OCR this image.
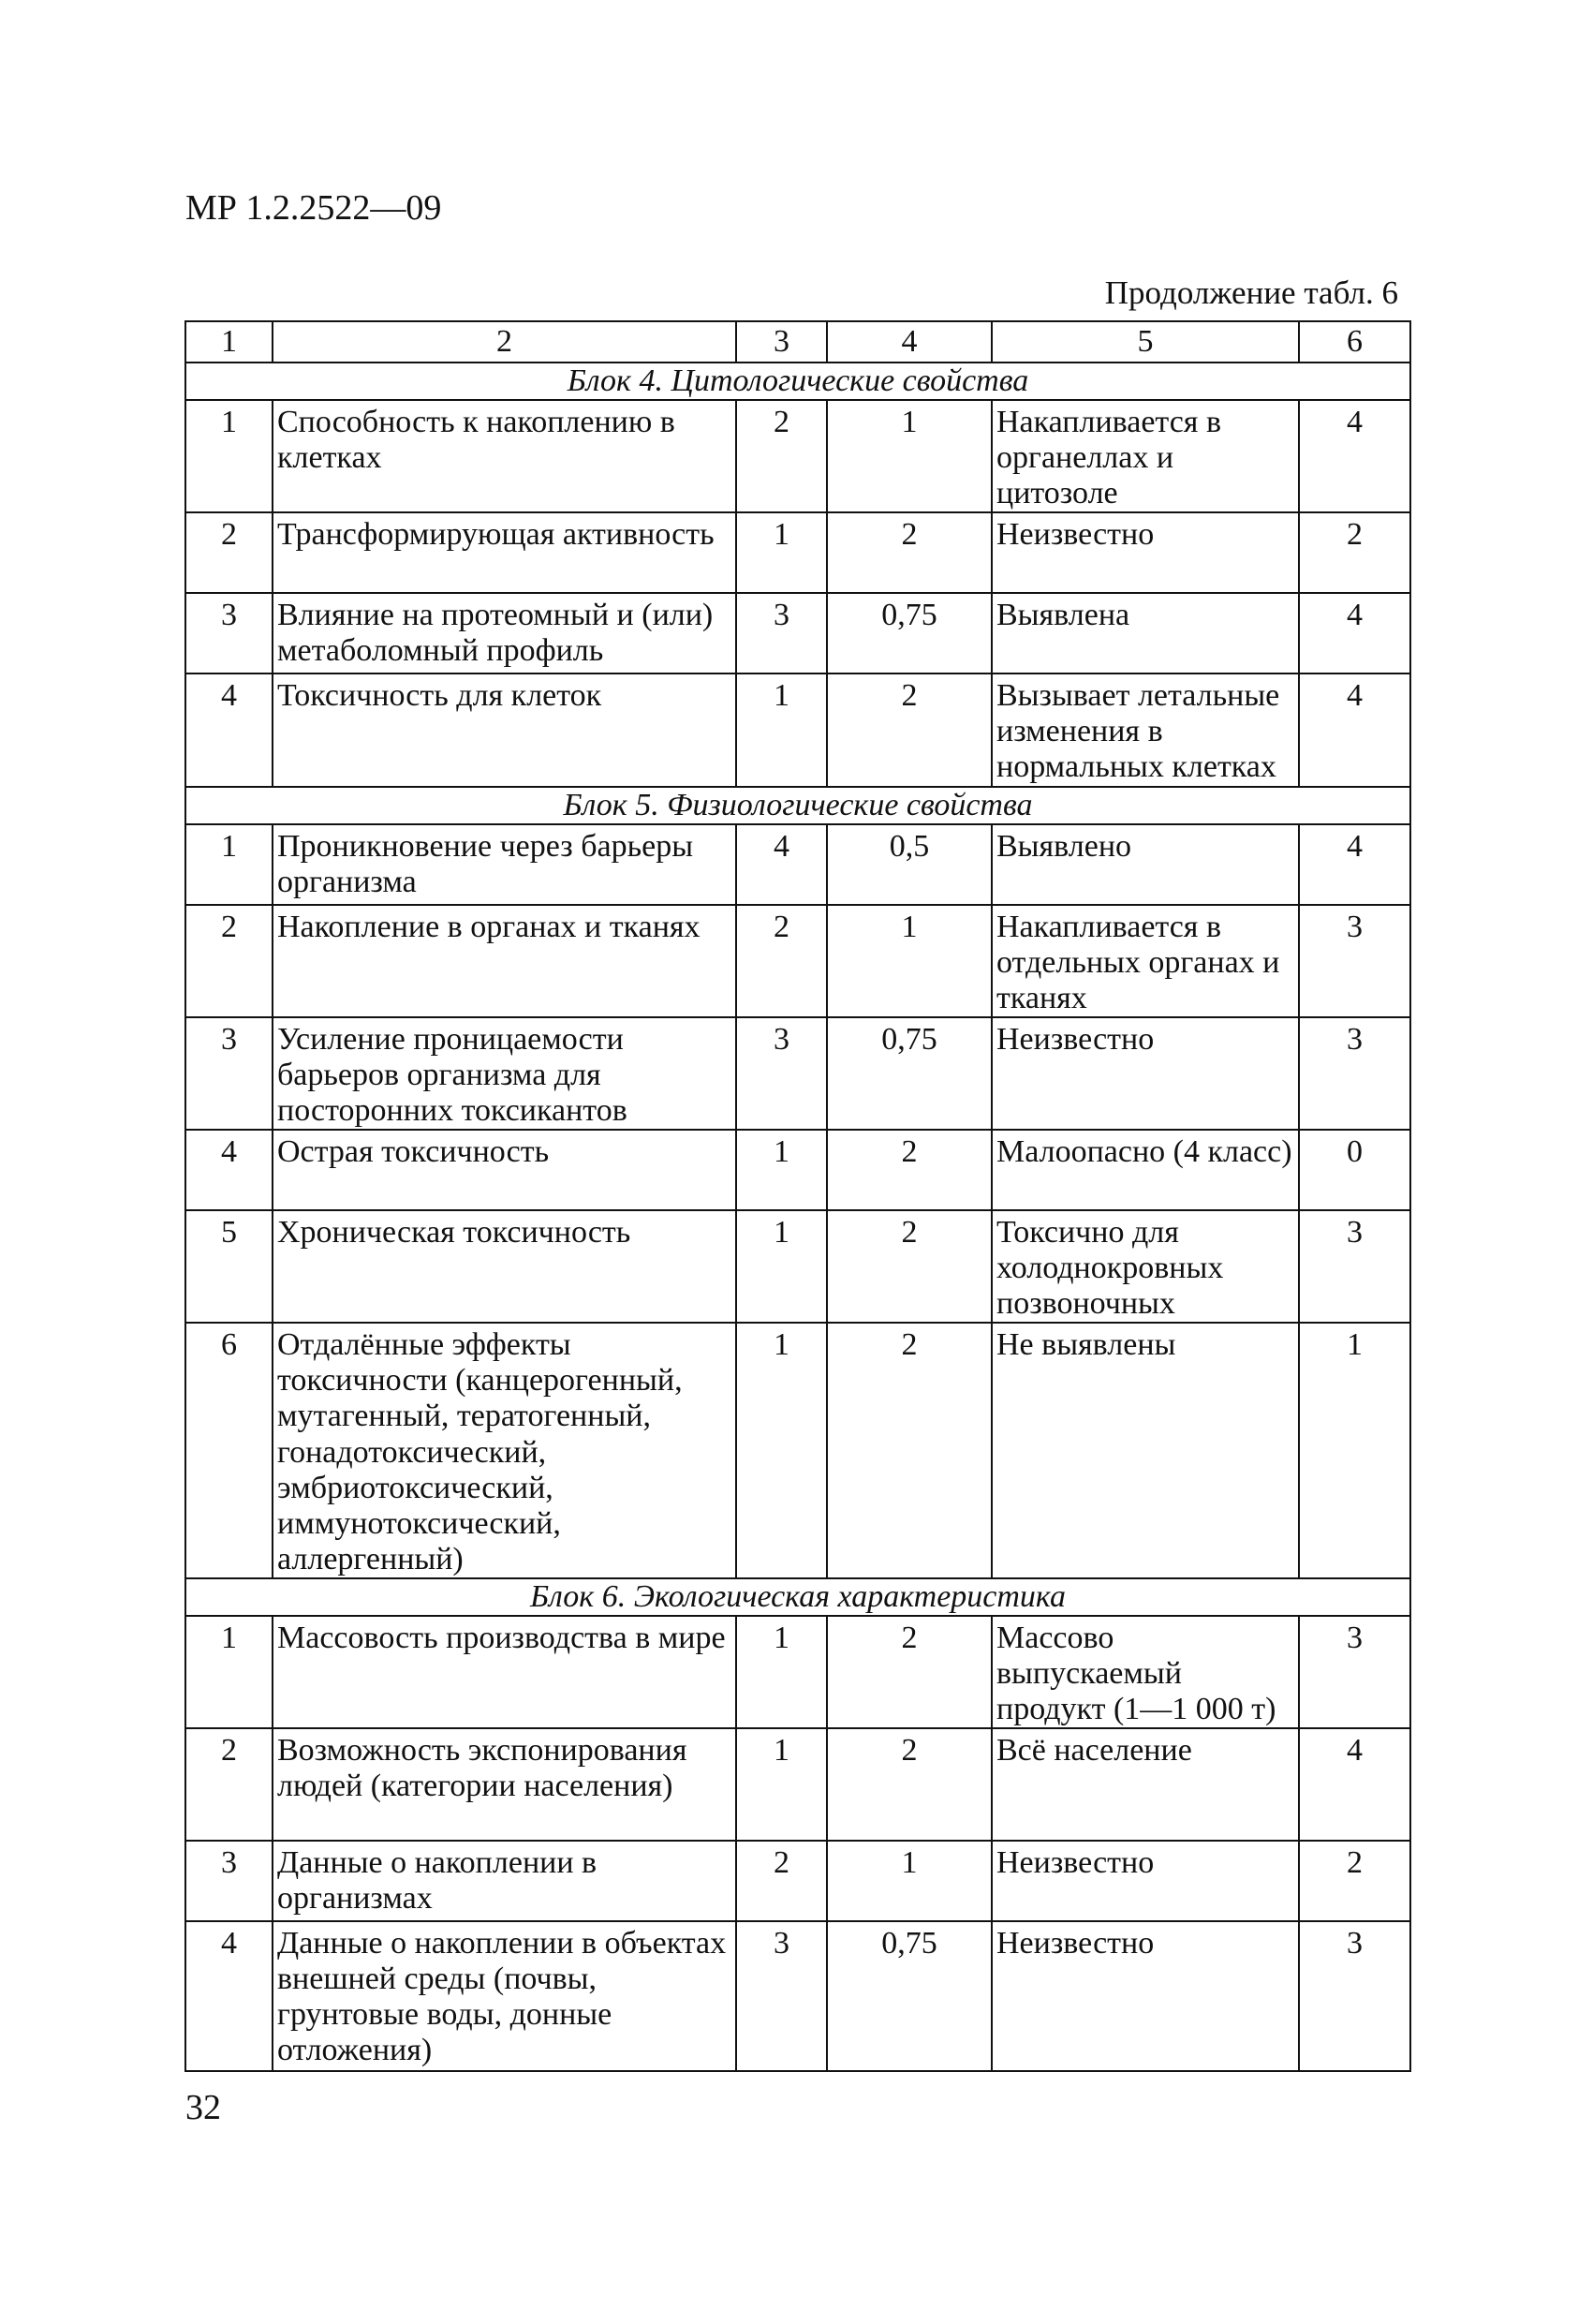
МР 1.2.2522—09
Продолжение табл. 6
1	2	3	4	5	6
Блок 4. Цитологические свойства					
1	Способность к накоплению в клетках	2	1	Накапливается в органеллах и цитозоле	4
2	Трансформирующая активность	1	2	Неизвестно	2
3	Влияние на протеомный и (или) метаболомный профиль	3	0,75	Выявлена	4
4	Токсичность для клеток	1	2	Вызывает летальные изменения в нормальных клетках	4
Блок 5. Физиологические свойства					
1	Проникновение через барьеры организма	4	0,5	Выявлено	4
2	Накопление в органах и тканях	2	1	Накапливается в отдельных органах и тканях	3
3	Усиление проницаемости барьеров организма для посторонних токсикантов	3	0,75	Неизвестно	3
4	Острая токсичность	1	2	Малоопасно (4 класс)	0
5	Хроническая токсичность	1	2	Токсично для холоднокровных позвоночных	3
6	Отдалённые эффекты токсичности (канцерогенный, мутагенный, тератогенный, гонадотоксический, эмбриотоксический, иммунотоксический, аллергенный)	1	2	Не выявлены	1
Блок 6. Экологическая характеристика					
1	Массовость производства в мире	1	2	Массово выпускаемый продукт (1—1 000 т)	3
2	Возможность экспонирования людей (категории населения)	1	2	Всё население	4
3	Данные о накоплении в организмах	2	1	Неизвестно	2
4	Данные о накоплении в объектах внешней среды (почвы, грунтовые воды, донные отложения)	3	0,75	Неизвестно	3
32
